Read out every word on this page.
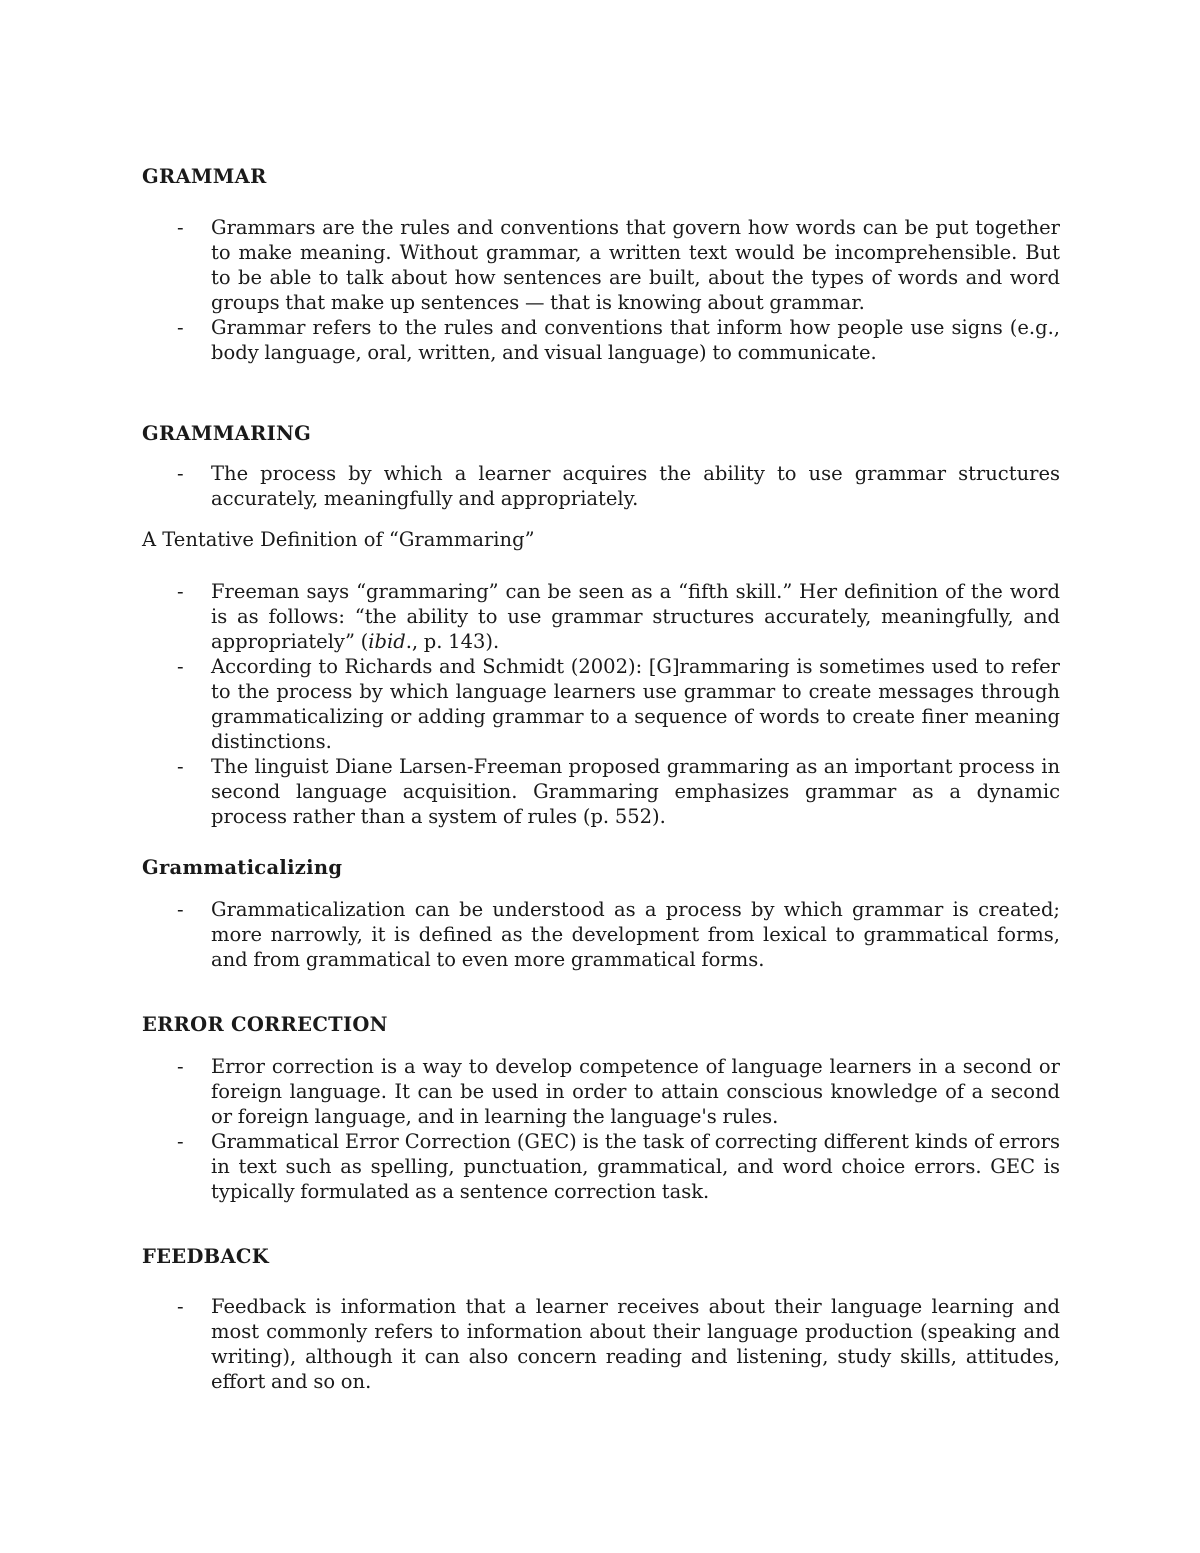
GRAMMAR

- Grammars are the rules and conventions that govern how words can be put together to make meaning. Without grammar, a written text would be incomprehensible. But to be able to talk about how sentences are built, about the types of words and word groups that make up sentences — that is knowing about grammar.
- Grammar refers to the rules and conventions that inform how people use signs (e.g., body language, oral, written, and visual language) to communicate.

GRAMMARING

- The process by which a learner acquires the ability to use grammar structures accurately, meaningfully and appropriately.

A Tentative Definition of “Grammaring”

- Freeman says “grammaring” can be seen as a “fifth skill.” Her definition of the word is as follows: “the ability to use grammar structures accurately, meaningfully, and appropriately” (ibid., p. 143).
- According to Richards and Schmidt (2002): [G]rammaring is sometimes used to refer to the process by which language learners use grammar to create messages through grammaticalizing or adding grammar to a sequence of words to create finer meaning distinctions.
- The linguist Diane Larsen-Freeman proposed grammaring as an important process in second language acquisition. Grammaring emphasizes grammar as a dynamic process rather than a system of rules (p. 552).

Grammaticalizing

- Grammaticalization can be understood as a process by which grammar is created; more narrowly, it is defined as the development from lexical to grammatical forms, and from grammatical to even more grammatical forms.

ERROR CORRECTION

- Error correction is a way to develop competence of language learners in a second or foreign language. It can be used in order to attain conscious knowledge of a second or foreign language, and in learning the language's rules.
- Grammatical Error Correction (GEC) is the task of correcting different kinds of errors in text such as spelling, punctuation, grammatical, and word choice errors. GEC is typically formulated as a sentence correction task.

FEEDBACK

- Feedback is information that a learner receives about their language learning and most commonly refers to information about their language production (speaking and writing), although it can also concern reading and listening, study skills, attitudes, effort and so on.
